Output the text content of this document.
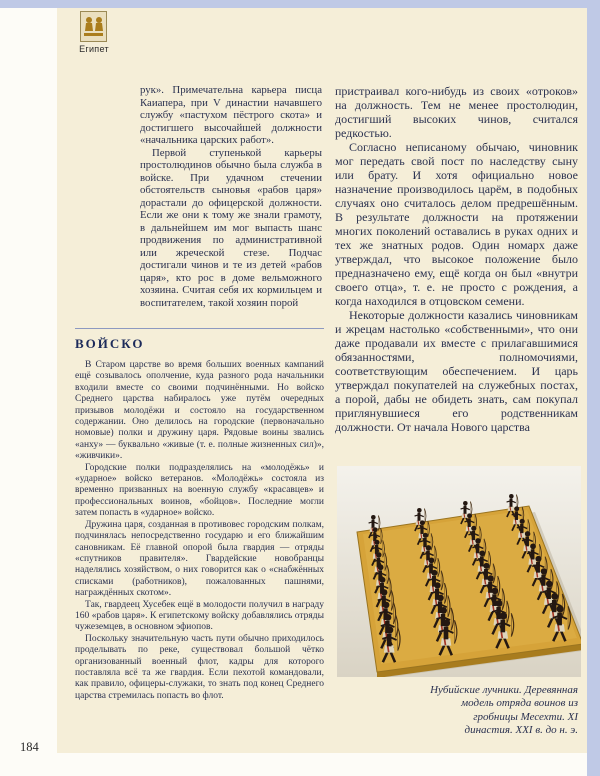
Египет

рук». Примечательна карьера писца Каиапера, при V династии начавшего службу «пастухом пёстрого скота» и достигшего высочайшей должности «начальника царских работ».

Первой ступенькой карьеры простолюдинов обычно была служба в войске. При удачном стечении обстоятельств сыновья «рабов царя» дорастали до офицерской должности. Если же они к тому же знали грамоту, в дальнейшем им мог выпасть шанс продвижения по административной или жреческой стезе. Подчас достигали чинов и те из детей «рабов царя», кто рос в доме вельможного хозяина. Считая себя их кормильцем и воспитателем, такой хозяин порой

пристраивал кого-нибудь из своих «отроков» на должность. Тем не менее простолюдин, достигший высоких чинов, считался редкостью.

Согласно неписаному обычаю, чиновник мог передать свой пост по наследству сыну или брату. И хотя официально новое назначение производилось царём, в подобных случаях оно считалось делом предрешённым. В результате должности на протяжении многих поколений оставались в руках одних и тех же знатных родов. Один номарх даже утверждал, что высокое положение было предназначено ему, ещё когда он был «внутри своего отца», т. е. не просто с рождения, а когда находился в отцовском семени.

Некоторые должности казались чиновникам и жрецам настолько «собственными», что они даже продавали их вместе с прилагавшимися обязанностями, полномочиями, соответствующим обеспечением. И царь утверждал покупателей на служебных постах, а порой, дабы не обидеть знать, сам покупал приглянувшиеся его родственникам должности. От начала Нового царства

ВОЙСКО

В Старом царстве во время больших военных кампаний ещё созывалось ополчение, куда разного рода начальники входили вместе со своими подчинёнными. Но войско Среднего царства набиралось уже путём очередных призывов молодёжи и состояло на государственном содержании. Оно делилось на городские (первоначально номовые) полки и дружину царя. Рядовые воины звались «анху» — буквально «живые (т. е. полные жизненных сил)», «живчики».

Городские полки подразделялись на «молодёжь» и «ударное» войско ветеранов. «Молодёжь» состояла из временно призванных на военную службу «красавцев» и профессиональных воинов, «бойцов». Последние могли затем попасть в «ударное» войско.

Дружина царя, созданная в противовес городским полкам, подчинялась непосредственно государю и его ближайшим сановникам. Её главной опорой была гвардия — отряды «спутников правителя». Гвардейские новобранцы наделялись хозяйством, о них говорится как о «снабжённых списками (работников), пожалованных пашнями, награждённых скотом».

Так, гвардеец Хусебек ещё в молодости получил в награду 160 «рабов царя». К египетскому войску добавлялись отряды чужеземцев, в основном эфиопов.

Поскольку значительную часть пути обычно приходилось проделывать по реке, существовал большой чётко организованный военный флот, кадры для которого поставляла всё та же гвардия. Если пехотой командовали, как правило, офицеры-служаки, то знать под конец Среднего царства стремилась попасть во флот.	Нубийские лучники. Деревянная модель отряда воинов из гробницы Месехти. XI династия. XXI в. до н. э.
184
